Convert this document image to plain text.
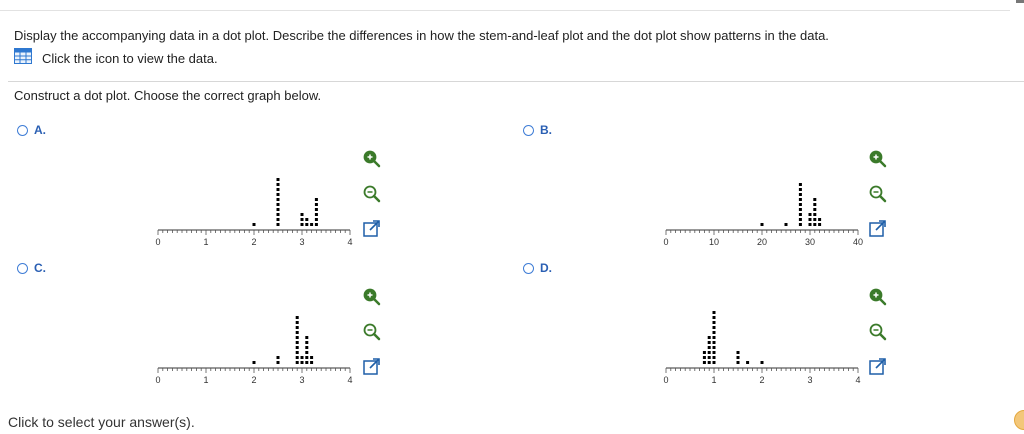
Display the accompanying data in a dot plot. Describe the differences in how the stem-and-leaf plot and the dot plot show patterns in the data.
Click the icon to view the data.
Construct a dot plot. Choose the correct graph below.
A.	B.
C.	D.
0	1	2	3	4	0	10	20	30	40
0	1	2	3	4	0	1	2	3	4
Click to select your answer(s).
